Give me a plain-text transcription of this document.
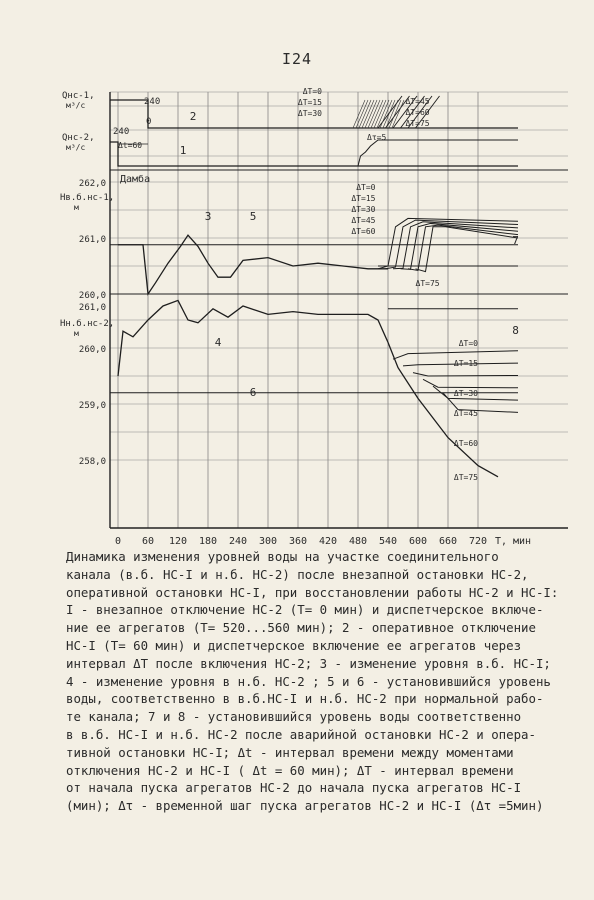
I24
0 60 120 180 240 300 360 420 480 540 600 660 720 T, мин
Qнс-1,
м³/с
Qнс-2,
м³/с
Нв.б.нс-1,
м
Нн.б.нс-2,
м
262,0
261,0
260,0
261,0
260,0
259,0
258,0
Дамба
240
0
240
Δt=60
Δτ=5
ΔT=0
ΔT=15
ΔT=30
ΔT=45
ΔT=60
ΔT=75
ΔT=0
ΔT=15
ΔT=30
ΔT=45
ΔT=60
ΔT=75
ΔT=0
ΔT=15
ΔT=30
ΔT=45
ΔT=60
ΔT=75
1
2
3
4
5
6
7
8

Динамика изменения уровней воды на участке соединительного
канала (в.б. НС-I и н.б. НС-2) после внезапной остановки НС-2,
оперативной остановки НС-I, при восстановлении работы НС-2 и НС-I:
I - внезапное отключение НС-2 (Т= 0 мин) и диспетчерское включе-
ние ее агрегатов (Т= 520...560 мин); 2 - оперативное отключение
НС-I (Т= 60 мин) и диспетчерское включение ее агрегатов через
интервал ΔТ после включения НС-2; 3 - изменение уровня в.б. НС-I;
4 - изменение уровня в н.б. НС-2 ; 5 и 6 - установившийся уровень
воды, соответственно в в.б.НС-I и н.б. НС-2 при нормальной рабо-
те канала; 7 и 8 - установившийся уровень воды соответственно
в в.б. НС-I и н.б. НС-2 после аварийной остановки НС-2 и опера-
тивной остановки НС-I; Δt - интервал времени между моментами
отключения НС-2 и НС-I ( Δt = 60 мин); ΔТ - интервал времени
от начала пуска агрегатов НС-2 до начала пуска агрегатов НС-I
(мин); Δτ - временной шаг пуска агрегатов НС-2 и НС-I (Δτ =5мин)
